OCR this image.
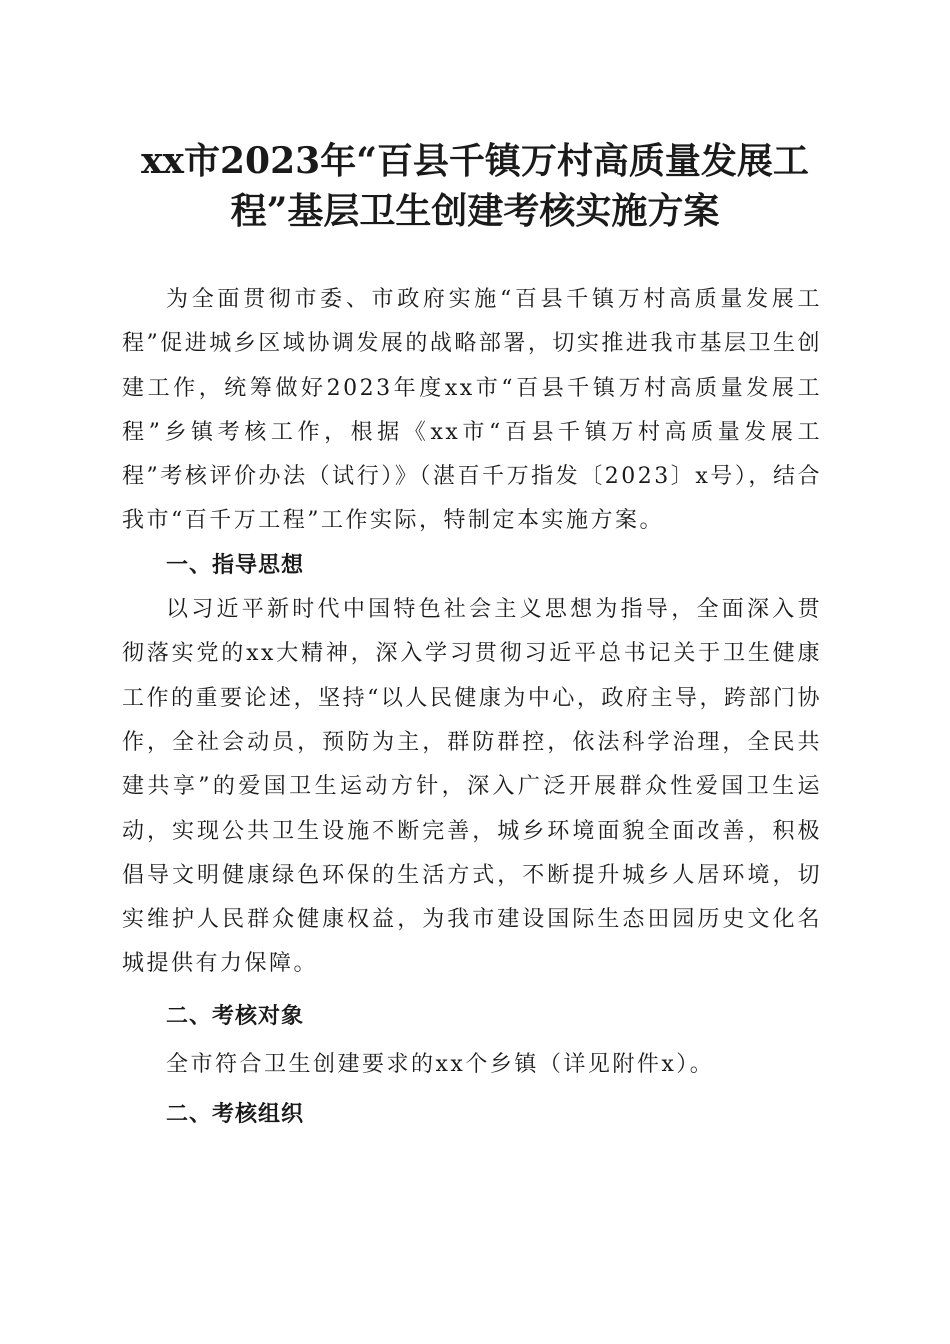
xx市2023年“百县千镇万村高质量发展工
程”基层卫生创建考核实施方案

为全面贯彻市委、市政府实施“百县千镇万村高质量发展工程”促进城乡区域协调发展的战略部署，切实推进我市基层卫生创建工作，统筹做好2023年度xx市“百县千镇万村高质量发展工程”乡镇考核工作，根据《xx市“百县千镇万村高质量发展工程”考核评价办法（试行）》（湛百千万指发〔2023〕x号），结合我市“百千万工程”工作实际，特制定本实施方案。

一、指导思想

以习近平新时代中国特色社会主义思想为指导，全面深入贯彻落实党的xx大精神，深入学习贯彻习近平总书记关于卫生健康工作的重要论述，坚持“以人民健康为中心，政府主导，跨部门协作，全社会动员，预防为主，群防群控，依法科学治理，全民共建共享”的爱国卫生运动方针，深入广泛开展群众性爱国卫生运动，实现公共卫生设施不断完善，城乡环境面貌全面改善，积极倡导文明健康绿色环保的生活方式，不断提升城乡人居环境，切实维护人民群众健康权益，为我市建设国际生态田园历史文化名城提供有力保障。

二、考核对象

全市符合卫生创建要求的xx个乡镇（详见附件x）。

二、考核组织
